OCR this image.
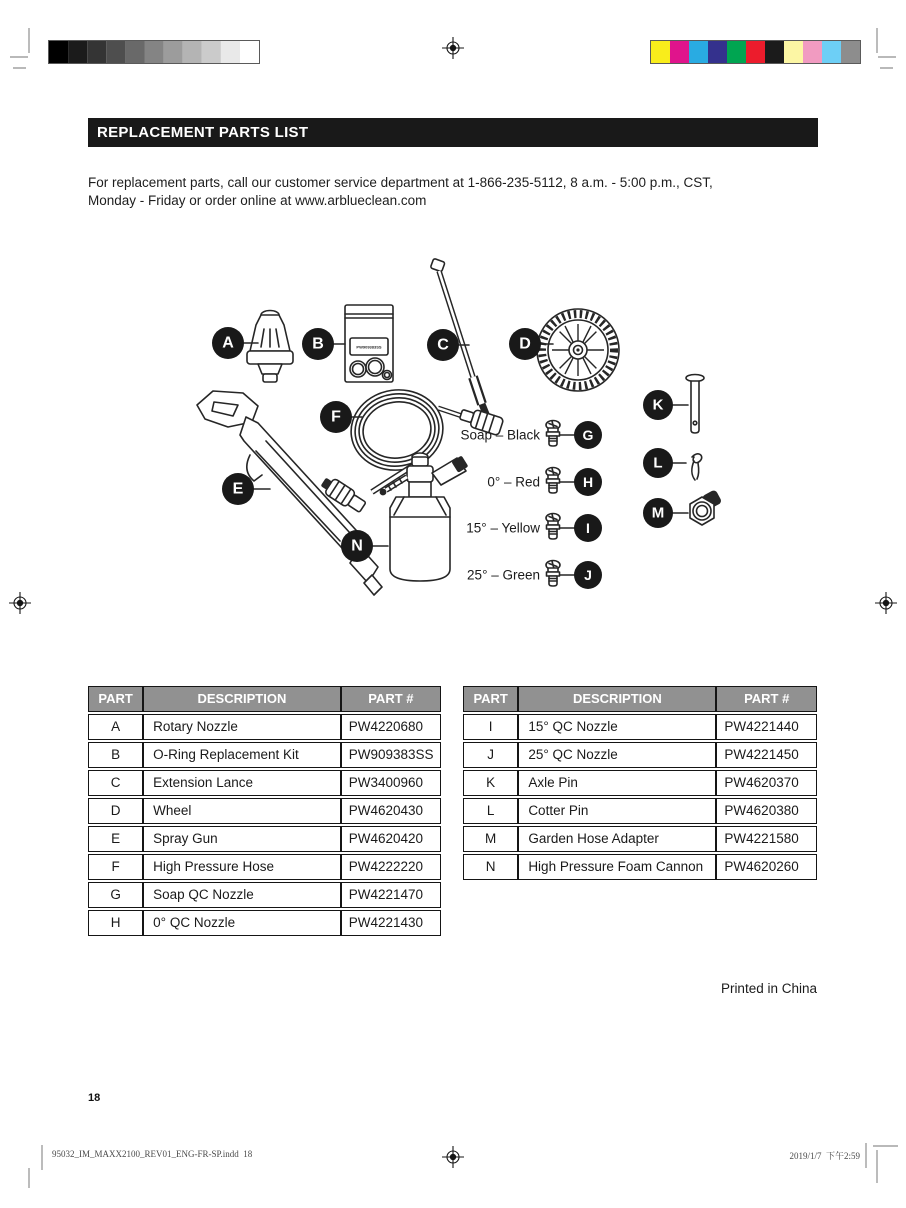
REPLACEMENT PARTS LIST
For replacement parts, call our customer service department at 1-866-235-5112, 8 a.m. - 5:00 p.m., CST,
Monday - Friday or order online at www.arblueclean.com
PW909383SS
Soap – Black
0° – Red
15° – Yellow
25° – Green
A	B	C	D
E
F
G
H
I
J
K
L
M
N
PART	DESCRIPTION	PART #
A	Rotary Nozzle	PW4220680
B	O-Ring Replacement Kit	PW909383SS
C	Extension Lance	PW3400960
D	Wheel	PW4620430
E	Spray Gun	PW4620420
F	High Pressure Hose	PW4222220
G	Soap QC Nozzle	PW4221470
H	0° QC Nozzle	PW4221430
PART	DESCRIPTION	PART #
I	15° QC Nozzle	PW4221440
J	25° QC Nozzle	PW4221450
K	Axle Pin	PW4620370
L	Cotter Pin	PW4620380
M	Garden Hose Adapter	PW4221580
N	High Pressure Foam Cannon	PW4620260
Printed in China
18
95032_IM_MAXX2100_REV01_ENG-FR-SP.indd  18	2019/1/7  下午2:59
